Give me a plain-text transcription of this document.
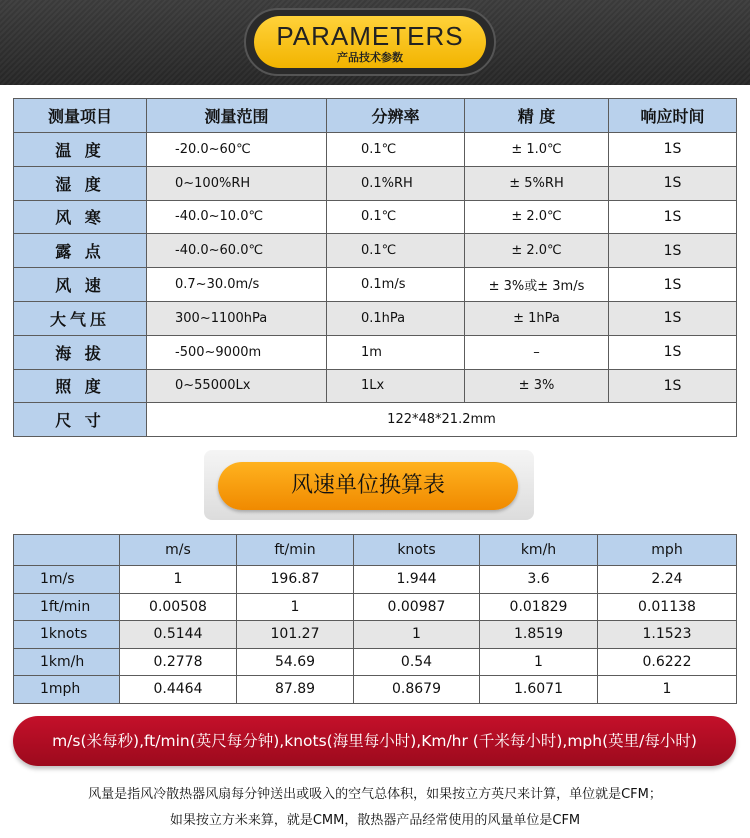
PARAMETERS
产品技术参数
测量项目	测量范围	分辨率	精 度	响应时间
温 度	-20.0~60℃	0.1℃	± 1.0℃	1S
湿 度	0~100%RH	0.1%RH	± 5%RH	1S
风 寒	-40.0~10.0℃	0.1℃	± 2.0℃	1S
露 点	-40.0~60.0℃	0.1℃	± 2.0℃	1S
风 速	0.7~30.0m/s	0.1m/s	± 3%或± 3m/s	1S
大气压	300~1100hPa	0.1hPa	± 1hPa	1S
海 拔	-500~9000m	1m	–	1S
照 度	0~55000Lx	1Lx	± 3%	1S
尺 寸	122*48*21.2mm			
风速单位换算表
	m/s	ft/min	knots	km/h	mph
1m/s	1	196.87	1.944	3.6	2.24
1ft/min	0.00508	1	0.00987	0.01829	0.01138
1knots	0.5144	101.27	1	1.8519	1.1523
1km/h	0.2778	54.69	0.54	1	0.6222
1mph	0.4464	87.89	0.8679	1.6071	1
m/s(米每秒),ft/min(英尺每分钟),knots(海里每小时),Km/hr (千米每小时),mph(英里/每小时)
风量是指风冷散热器风扇每分钟送出或吸入的空气总体积，如果按立方英尺来计算，单位就是CFM；
如果按立方米来算，就是CMM，散热器产品经常使用的风量单位是CFM
